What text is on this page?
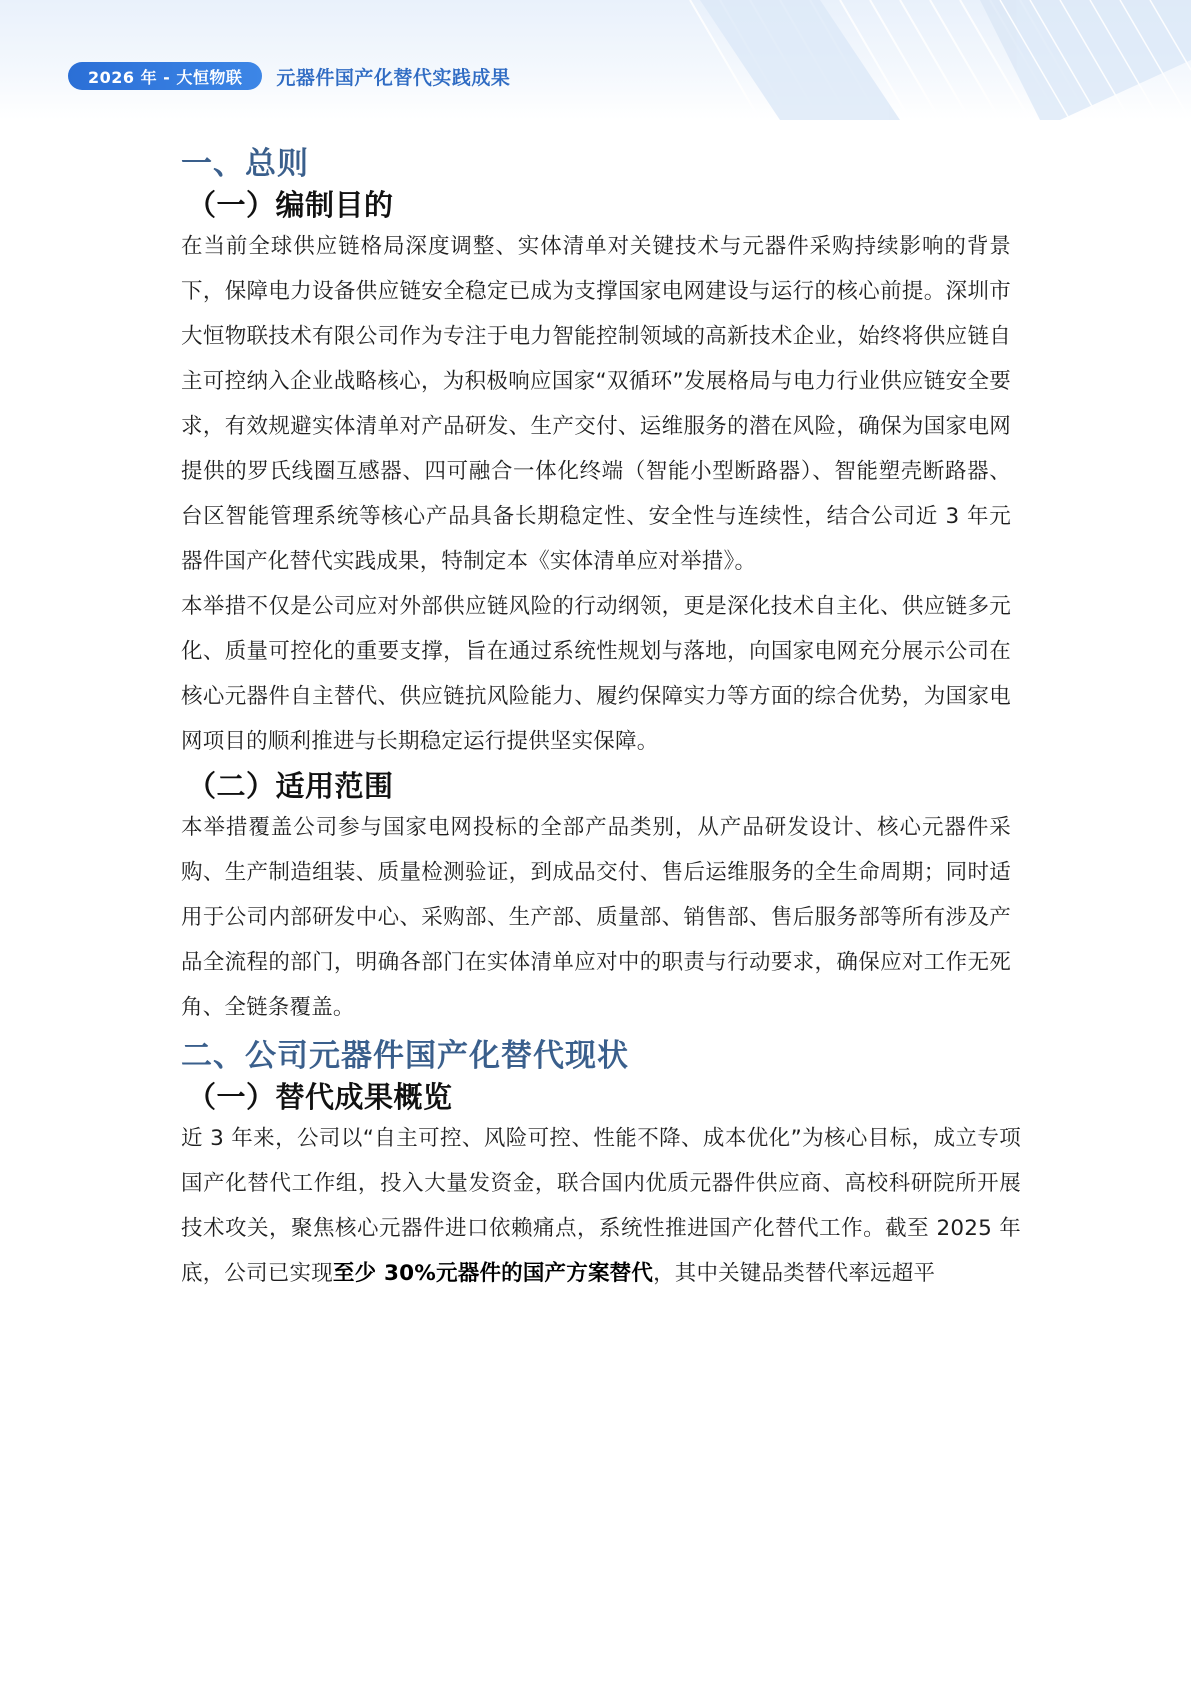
2026 年 - 大恒物联	元器件国产化替代实践成果
一、总则
（一）编制目的

在当前全球供应链格局深度调整、实体清单对关键技术与元器件采购持续影响的背景下，保障电力设备供应链安全稳定已成为支撑国家电网建设与运行的核心前提。深圳市大恒物联技术有限公司作为专注于电力智能控制领域的高新技术企业，始终将供应链自主可控纳入企业战略核心，为积极响应国家“双循环”发展格局与电力行业供应链安全要求，有效规避实体清单对产品研发、生产交付、运维服务的潜在风险，确保为国家电网提供的罗氏线圈互感器、四可融合一体化终端（智能小型断路器）、智能塑壳断路器、台区智能管理系统等核心产品具备长期稳定性、安全性与连续性，结合公司近 3 年元器件国产化替代实践成果，特制定本《实体清单应对举措》。

本举措不仅是公司应对外部供应链风险的行动纲领，更是深化技术自主化、供应链多元化、质量可控化的重要支撑，旨在通过系统性规划与落地，向国家电网充分展示公司在核心元器件自主替代、供应链抗风险能力、履约保障实力等方面的综合优势，为国家电网项目的顺利推进与长期稳定运行提供坚实保障。

（二）适用范围

本举措覆盖公司参与国家电网投标的全部产品类别，从产品研发设计、核心元器件采购、生产制造组装、质量检测验证，到成品交付、售后运维服务的全生命周期；同时适用于公司内部研发中心、采购部、生产部、质量部、销售部、售后服务部等所有涉及产品全流程的部门，明确各部门在实体清单应对中的职责与行动要求，确保应对工作无死角、全链条覆盖。

二、公司元器件国产化替代现状
（一）替代成果概览

近 3 年来，公司以“自主可控、风险可控、性能不降、成本优化”为核心目标，成立专项国产化替代工作组，投入大量发资金，联合国内优质元器件供应商、高校科研院所开展技术攻关，聚焦核心元器件进口依赖痛点，系统性推进国产化替代工作。截至 2025 年底，公司已实现至少 30%元器件的国产方案替代，其中关键品类替代率远超平
